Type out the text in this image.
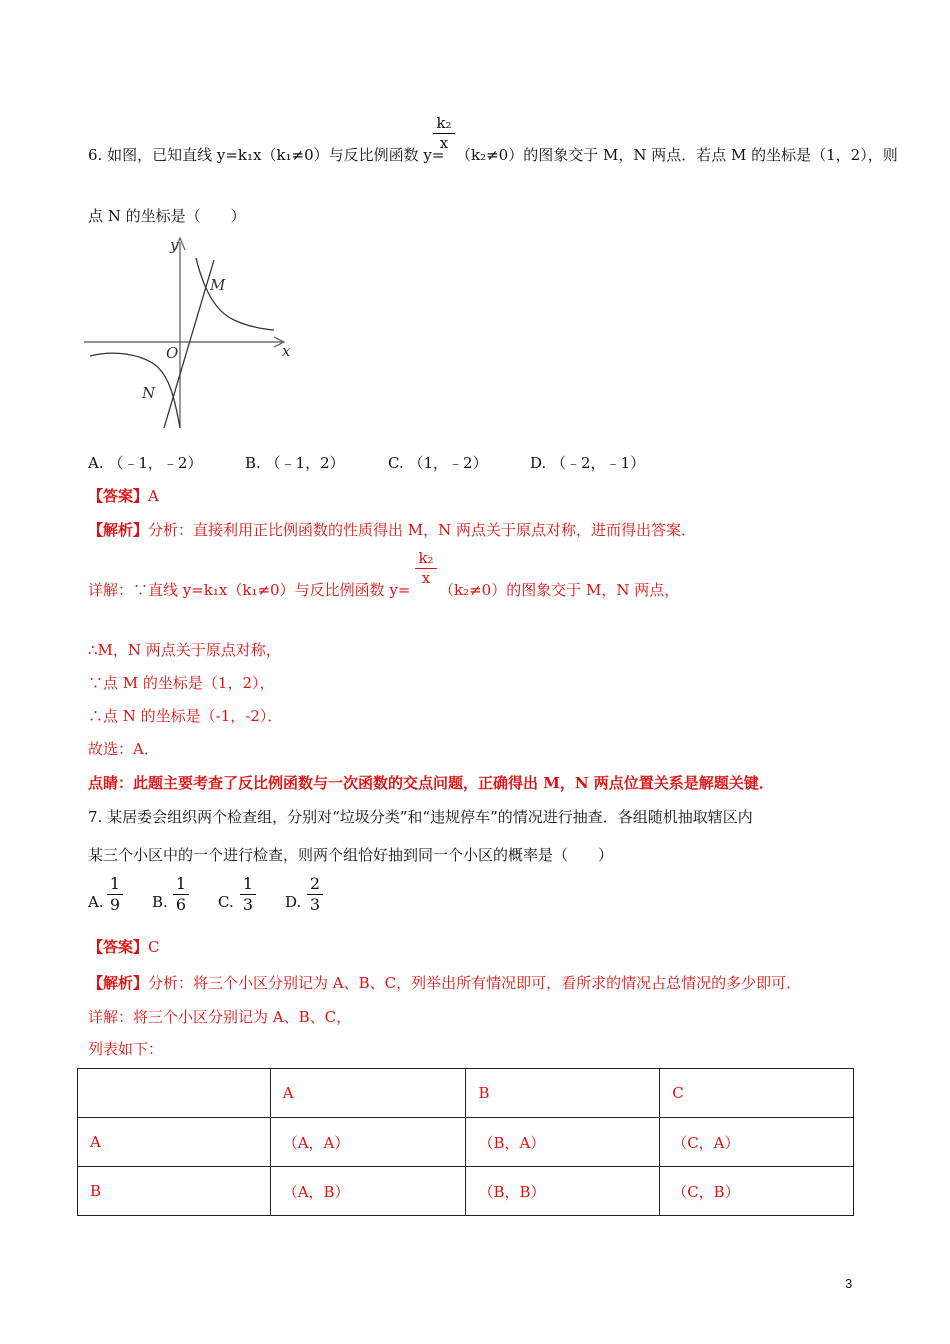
k₂
x
6. 如图，已知直线 y=k₁x（k₁≠0）与反比例函数 y= （k₂≠0）的图象交于 M，N 两点．若点 M 的坐标是（1，2），则
点 N 的坐标是（　　）
y
x
O
M
N
A. （﹣1，﹣2）	B. （﹣1，2）	C. （1，﹣2）	D. （﹣2，﹣1）
【答案】A
【解析】分析：直接利用正比例函数的性质得出 M，N 两点关于原点对称，进而得出答案．
k₂
x
详解：∵直线 y=k₁x（k₁≠0）与反比例函数 y= （k₂≠0）的图象交于 M，N 两点，
∴M，N 两点关于原点对称，
∵点 M 的坐标是（1，2），
∴点 N 的坐标是（-1，-2）．
故选：A．
点睛：此题主要考查了反比例函数与一次函数的交点问题，正确得出 M，N 两点位置关系是解题关键．
7. 某居委会组织两个检查组，分别对“垃圾分类”和“违规停车”的情况进行抽查．各组随机抽取辖区内
某三个小区中的一个进行检查，则两个组恰好抽到同一个小区的概率是（　　）
A.
1
9 B.
1
6 C.
1
3 D.
2
3
【答案】C
【解析】分析：将三个小区分别记为 A、B、C，列举出所有情况即可，看所求的情况占总情况的多少即可．
详解：将三个小区分别记为 A、B、C，
列表如下：
	A	B	C
A	（A，A）	（B，A）	（C，A）
B	（A，B）	（B，B）	（C，B）
3
